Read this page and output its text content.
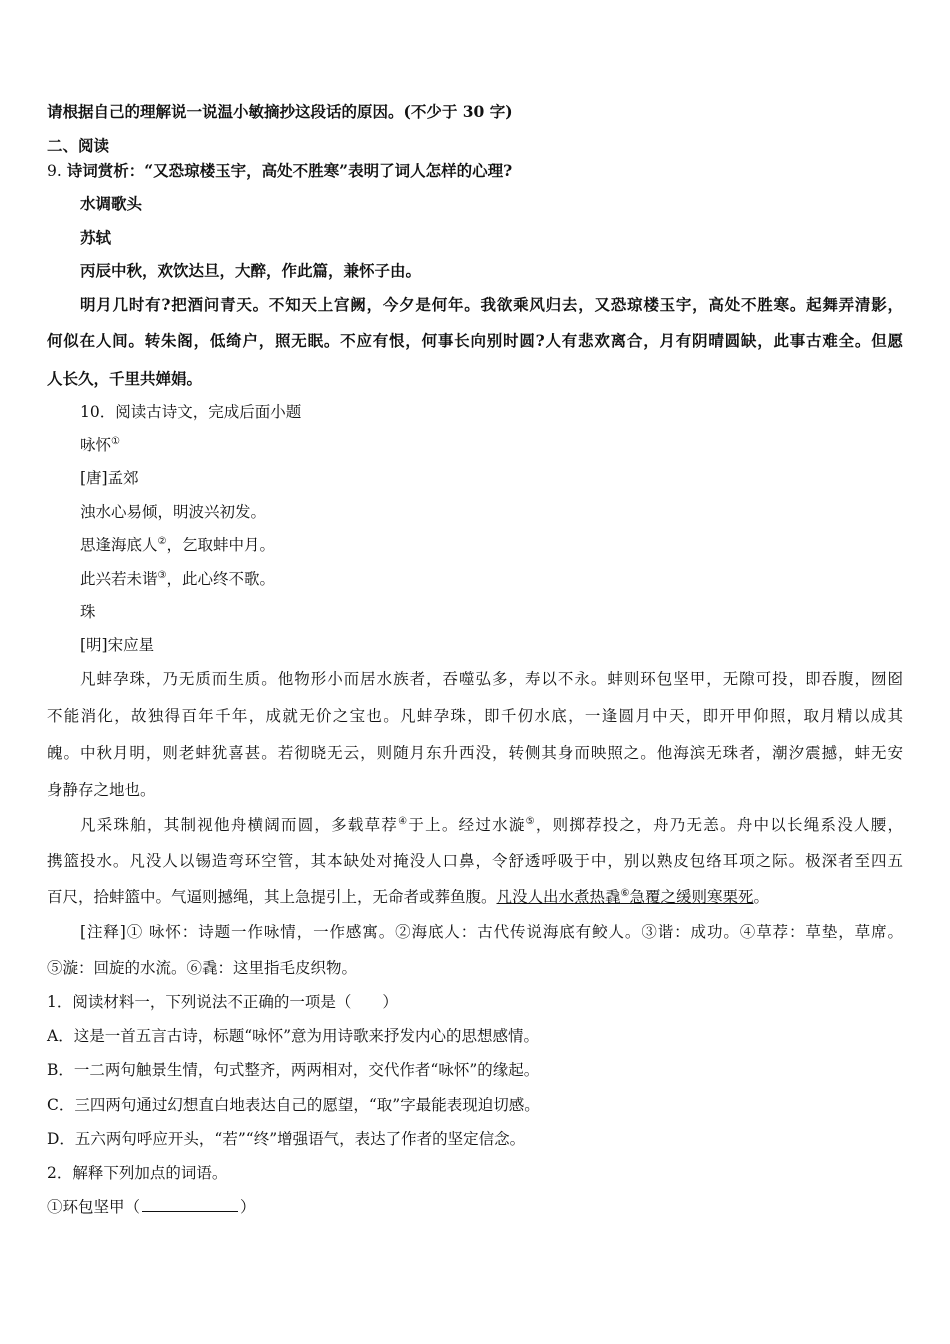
请根据自己的理解说一说温小敏摘抄这段话的原因。(不少于 30 字)
二、阅读
9. 诗词赏析：“又恐琼楼玉宇，高处不胜寒”表明了词人怎样的心理?
水调歌头
苏轼
丙辰中秋，欢饮达旦，大醉，作此篇，兼怀子由。
明月几时有?把酒问青天。不知天上宫阙，今夕是何年。我欲乘风归去，又恐琼楼玉宇，高处不胜寒。起舞弄清影，
何似在人间。转朱阁，低绮户，照无眠。不应有恨，何事长向别时圆?人有悲欢离合，月有阴晴圆缺，此事古难全。但愿
人长久，千里共婵娟。
10．阅读古诗文，完成后面小题
咏怀①
[唐]孟郊
浊水心易倾，明波兴初发。
思逢海底人②，乞取蚌中月。
此兴若未谐③，此心终不歌。
珠
[明]宋应星
凡蚌孕珠，乃无质而生质。他物形小而居水族者，吞噬弘多，寿以不永。蚌则环包坚甲，无隙可投，即吞腹，囫囵
不能消化，故独得百年千年，成就无价之宝也。凡蚌孕珠，即千仞水底，一逢圆月中天，即开甲仰照，取月精以成其
魄。中秋月明，则老蚌犹喜甚。若彻晓无云，则随月东升西没，转侧其身而映照之。他海滨无珠者，潮汐震撼，蚌无安
身静存之地也。
凡采珠舶，其制视他舟横阔而圆，多载草荐④于上。经过水漩⑤，则掷荐投之，舟乃无恙。舟中以长绳系没人腰，
携篮投水。凡没人以锡造弯环空管，其本缺处对掩没人口鼻，令舒透呼吸于中，别以熟皮包络耳项之际。极深者至四五
百尺，拾蚌篮中。气逼则撼绳，其上急提引上，无命者或葬鱼腹。凡没人出水煮热毳⑥急覆之缓则寒栗死。
[注释]① 咏怀：诗题一作咏情，一作感寓。②海底人：古代传说海底有鲛人。③谐：成功。④草荐：草垫，草席。
⑤漩：回旋的水流。⑥毳：这里指毛皮织物。
1．阅读材料一，下列说法不正确的一项是（　　）
A．这是一首五言古诗，标题“咏怀”意为用诗歌来抒发内心的思想感情。
B．一二两句触景生情，句式整齐，两两相对，交代作者“咏怀”的缘起。
C．三四两句通过幻想直白地表达自己的愿望，“取”字最能表现迫切感。
D．五六两句呼应开头，“若”“终”增强语气，表达了作者的坚定信念。
2．解释下列加点的词语。
①环包坚甲（	）
